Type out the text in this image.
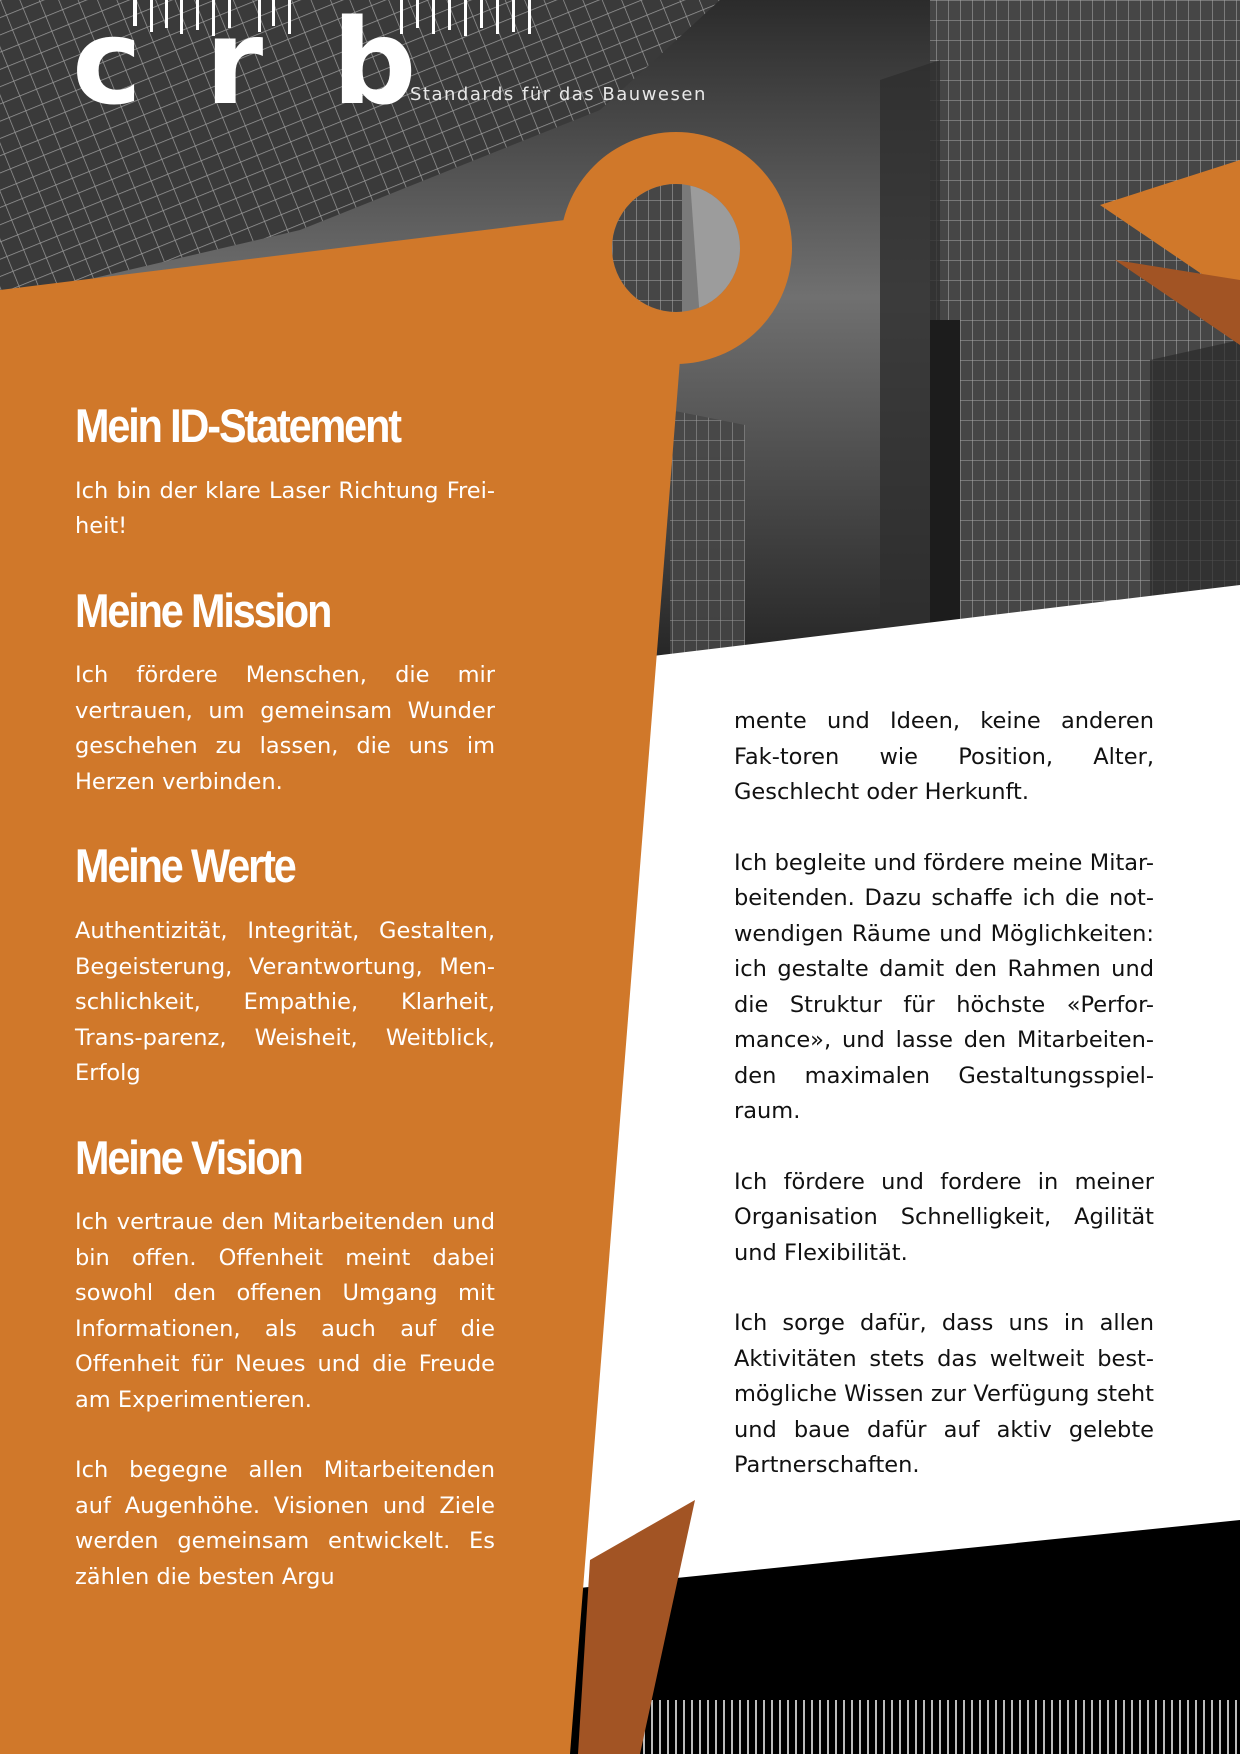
c r b
Standards für das Bauwesen
Mein ID-Statement

Ich bin der klare Laser Richtung Frei-heit!

Meine Mission

Ich fördere Menschen, die mir vertrauen, um gemeinsam Wunder geschehen zu lassen, die uns im Herzen verbinden.

Meine Werte

Authentizität, Integrität, Gestalten, Begeisterung, Verantwortung, Men-schlichkeit, Empathie, Klarheit, Trans-parenz, Weisheit, Weitblick, Erfolg

Meine Vision

Ich vertraue den Mitarbeitenden und bin offen. Offenheit meint dabei sowohl den offenen Umgang mit Informationen, als auch auf die Offenheit für Neues und die Freude am Experimentieren.

Ich begegne allen Mitarbeitenden auf Augenhöhe. Visionen und Ziele werden gemeinsam entwickelt. Es zählen die besten Argu

mente und Ideen, keine anderen Fak-toren wie Position, Alter, Geschlecht oder Herkunft.

Ich begleite und fördere meine Mitar-beitenden. Dazu schaffe ich die not-wendigen Räume und Möglichkeiten: ich gestalte damit den Rahmen und die Struktur für höchste «Perfor-mance», und lasse den Mitarbeiten-den maximalen Gestaltungsspiel-raum.

Ich fördere und fordere in meiner Organisation Schnelligkeit, Agilität und Flexibilität.

Ich sorge dafür, dass uns in allen Aktivitäten stets das weltweit best-mögliche Wissen zur Verfügung steht und baue dafür auf aktiv gelebte Partnerschaften.
